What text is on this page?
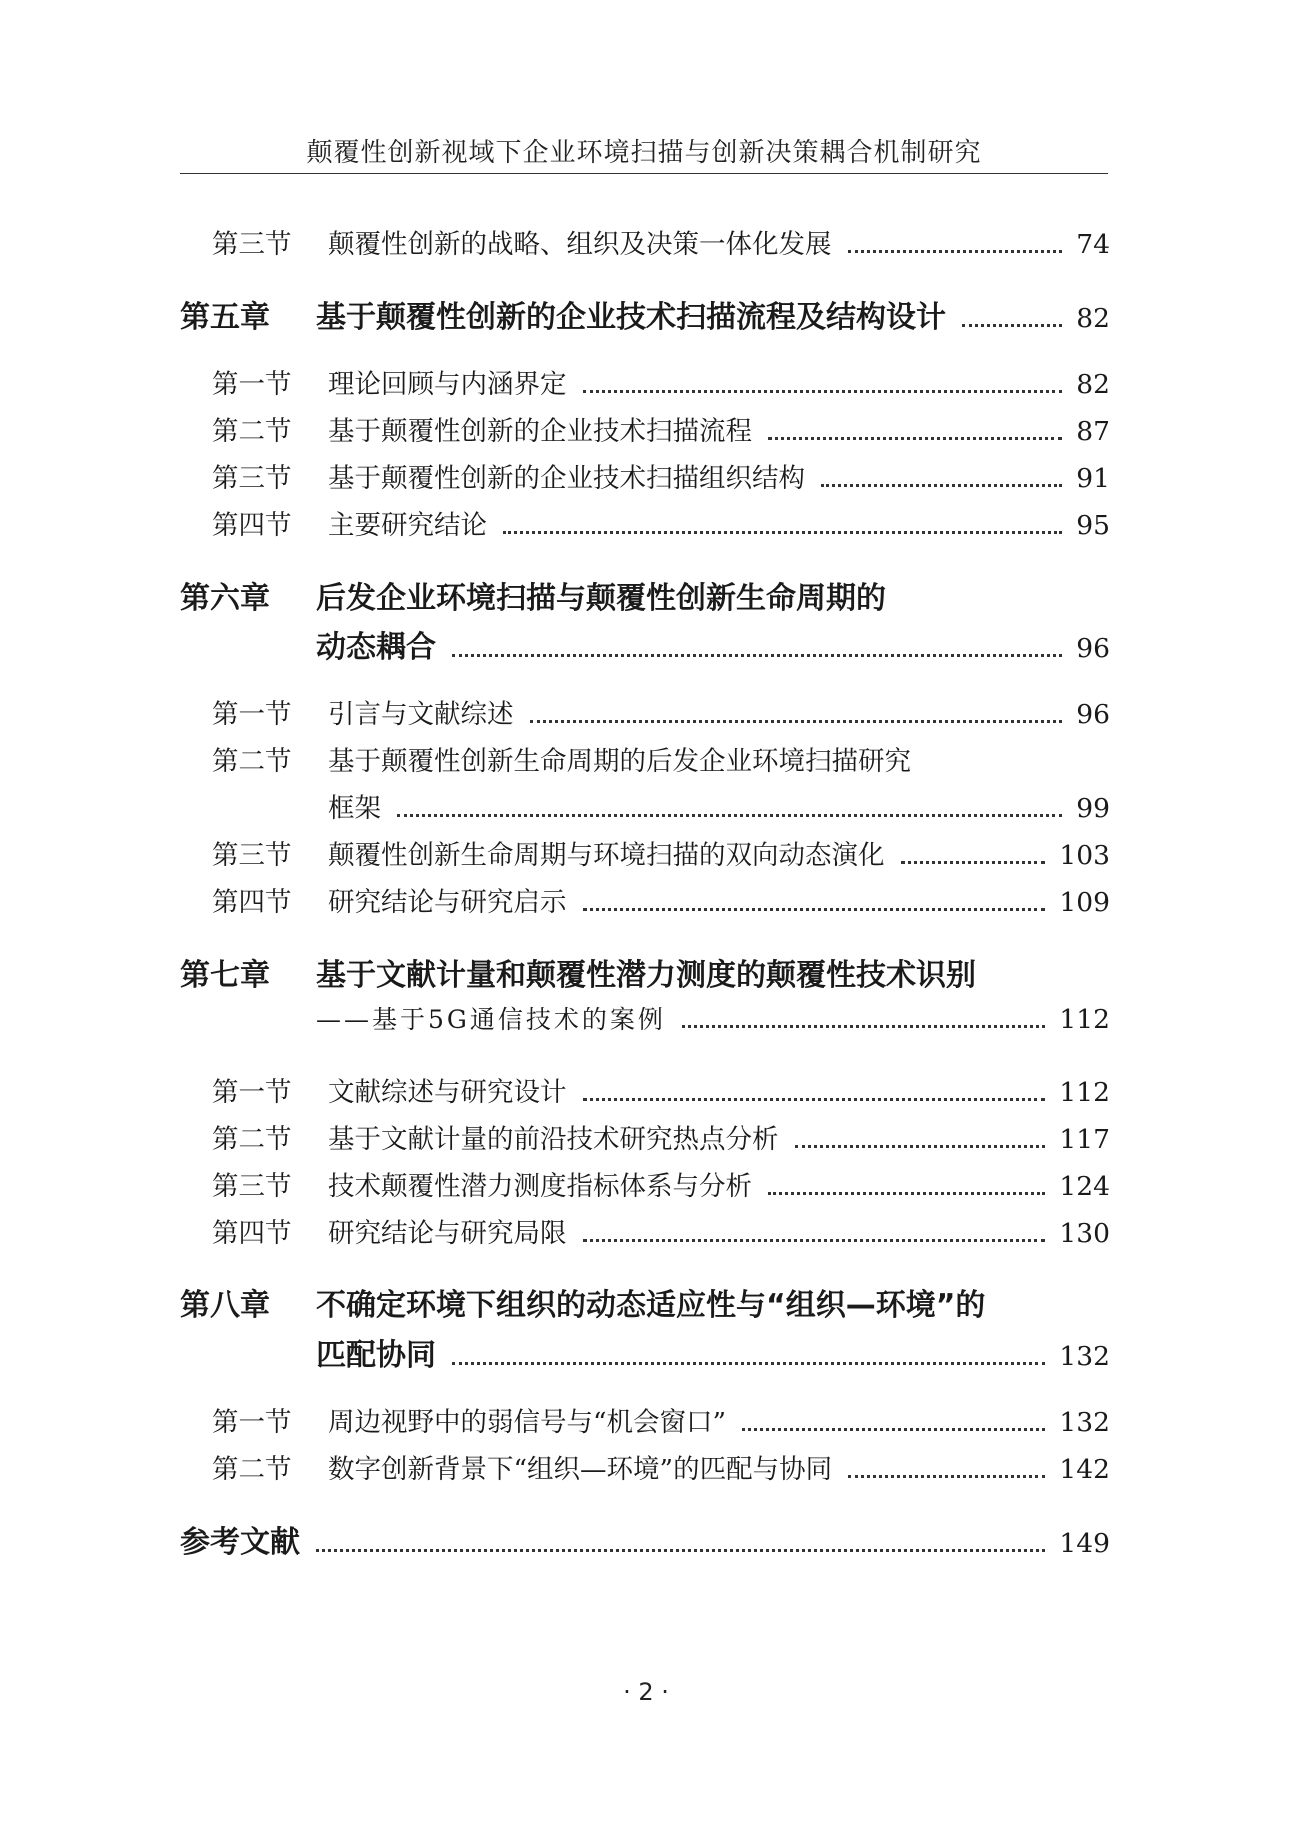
颠覆性创新视域下企业环境扫描与创新决策耦合机制研究
第三节	颠覆性创新的战略、组织及决策一体化发展	74
第五章	基于颠覆性创新的企业技术扫描流程及结构设计	82
第一节	理论回顾与内涵界定	82
第二节	基于颠覆性创新的企业技术扫描流程	87
第三节	基于颠覆性创新的企业技术扫描组织结构	91
第四节	主要研究结论	95
第六章	后发企业环境扫描与颠覆性创新生命周期的
动态耦合	96
第一节	引言与文献综述	96
第二节	基于颠覆性创新生命周期的后发企业环境扫描研究
框架	99
第三节	颠覆性创新生命周期与环境扫描的双向动态演化	103
第四节	研究结论与研究启示	109
第七章	基于文献计量和颠覆性潜力测度的颠覆性技术识别
——基于5G通信技术的案例	112
第一节	文献综述与研究设计	112
第二节	基于文献计量的前沿技术研究热点分析	117
第三节	技术颠覆性潜力测度指标体系与分析	124
第四节	研究结论与研究局限	130
第八章	不确定环境下组织的动态适应性与“组织—环境”的
匹配协同	132
第一节	周边视野中的弱信号与“机会窗口”	132
第二节	数字创新背景下“组织—环境”的匹配与协同	142
参考文献	149
· 2 ·
